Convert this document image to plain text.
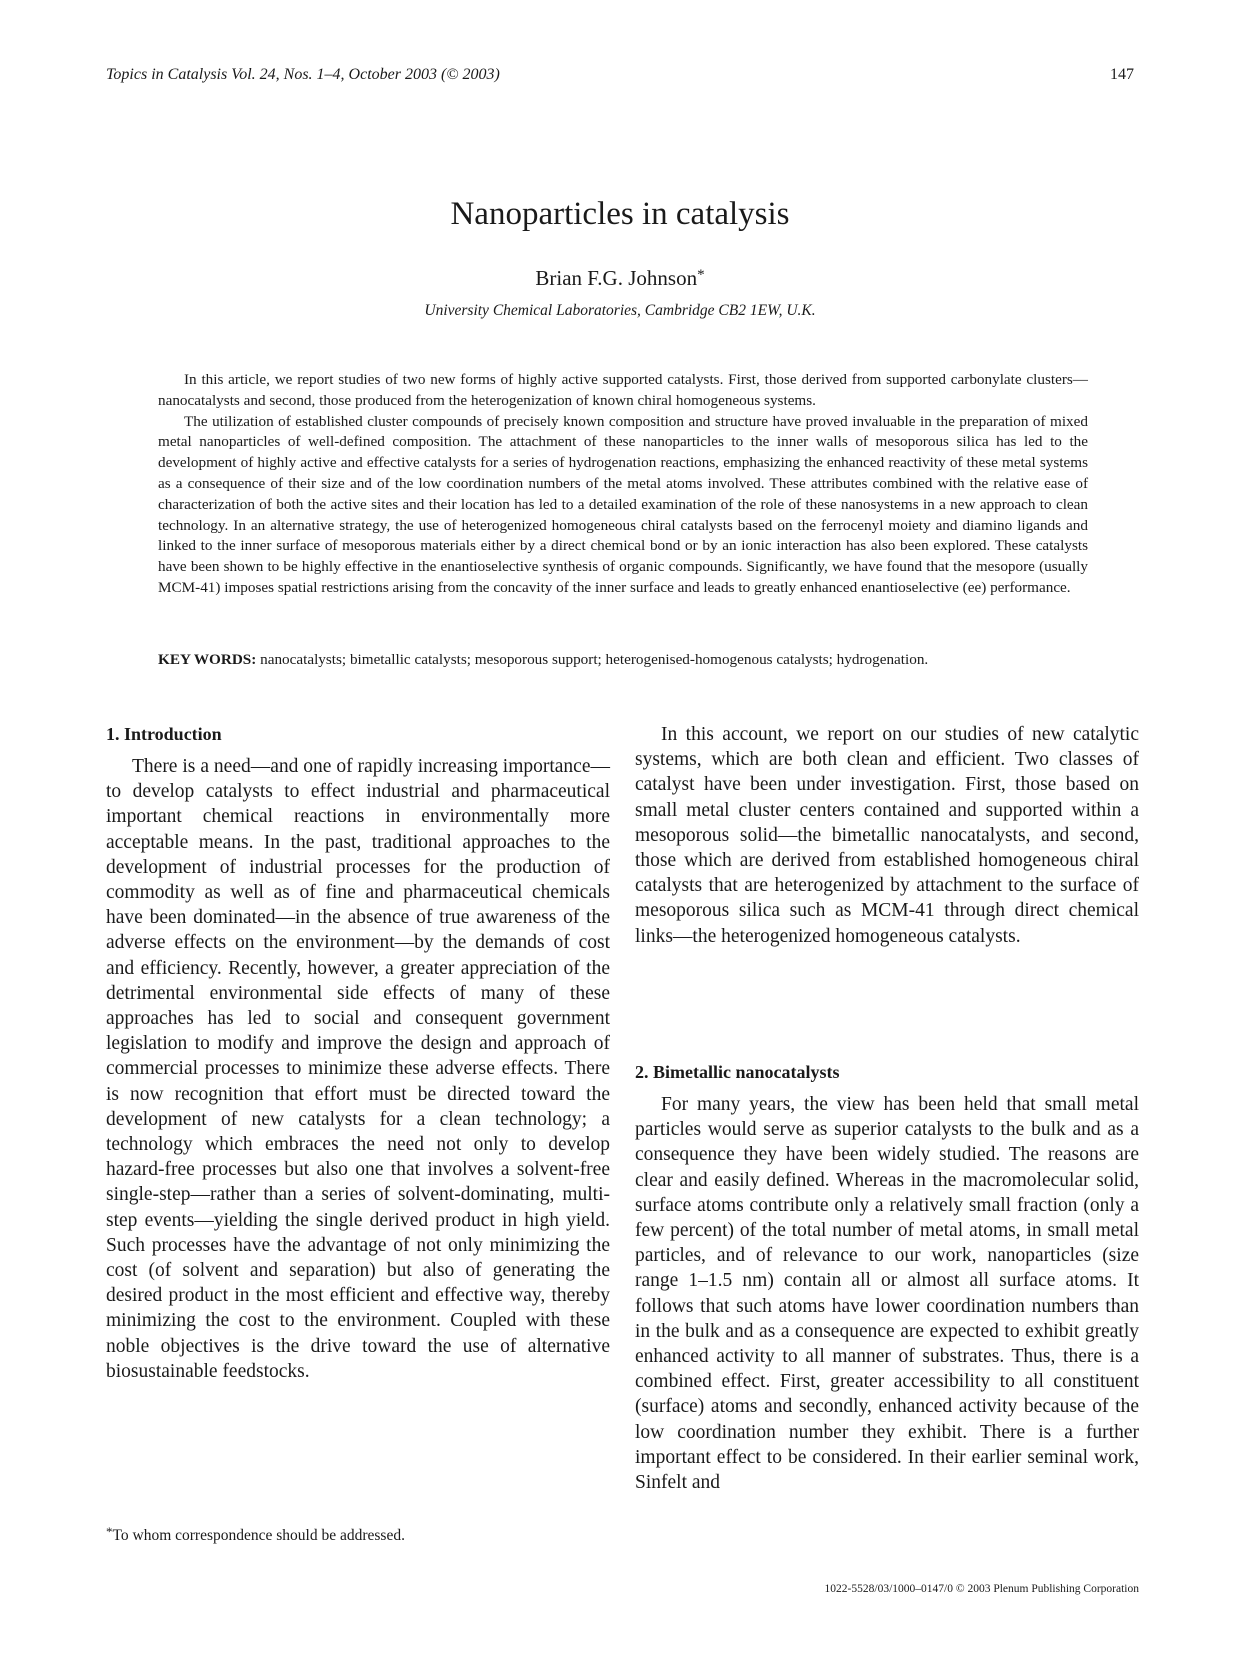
Topics in Catalysis Vol. 24, Nos. 1–4, October 2003 (© 2003)	147
Nanoparticles in catalysis
Brian F.G. Johnson*
University Chemical Laboratories, Cambridge CB2 1EW, U.K.

In this article, we report studies of two new forms of highly active supported catalysts. First, those derived from supported carbonylate clusters—nanocatalysts and second, those produced from the heterogenization of known chiral homogeneous systems.

The utilization of established cluster compounds of precisely known composition and structure have proved invaluable in the preparation of mixed metal nanoparticles of well-defined composition. The attachment of these nanoparticles to the inner walls of mesoporous silica has led to the development of highly active and effective catalysts for a series of hydrogenation reactions, emphasizing the enhanced reactivity of these metal systems as a consequence of their size and of the low coordination numbers of the metal atoms involved. These attributes combined with the relative ease of characterization of both the active sites and their location has led to a detailed examination of the role of these nanosystems in a new approach to clean technology. In an alternative strategy, the use of heterogenized homogeneous chiral catalysts based on the ferrocenyl moiety and diamino ligands and linked to the inner surface of mesoporous materials either by a direct chemical bond or by an ionic interaction has also been explored. These catalysts have been shown to be highly effective in the enantioselective synthesis of organic compounds. Significantly, we have found that the mesopore (usually MCM-41) imposes spatial restrictions arising from the concavity of the inner surface and leads to greatly enhanced enantioselective (ee) performance.

KEY WORDS: nanocatalysts; bimetallic catalysts; mesoporous support; heterogenised-homogenous catalysts; hydrogenation.
1. Introduction

There is a need—and one of rapidly increasing importance—to develop catalysts to effect industrial and pharmaceutical important chemical reactions in environmentally more acceptable means. In the past, traditional approaches to the development of industrial processes for the production of commodity as well as of fine and pharmaceutical chemicals have been dominated—in the absence of true awareness of the adverse effects on the environment—by the demands of cost and efficiency. Recently, however, a greater appreciation of the detrimental environmental side effects of many of these approaches has led to social and consequent government legislation to modify and improve the design and approach of commercial processes to minimize these adverse effects. There is now recognition that effort must be directed toward the development of new catalysts for a clean technology; a technology which embraces the need not only to develop hazard-free processes but also one that involves a solvent-free single-step—rather than a series of solvent-dominating, multi-step events—yielding the single derived product in high yield. Such processes have the advantage of not only minimizing the cost (of solvent and separation) but also of generating the desired product in the most efficient and effective way, thereby minimizing the cost to the environment. Coupled with these noble objectives is the drive toward the use of alternative biosustainable feedstocks.

In this account, we report on our studies of new catalytic systems, which are both clean and efficient. Two classes of catalyst have been under investigation. First, those based on small metal cluster centers contained and supported within a mesoporous solid—the bimetallic nanocatalysts, and second, those which are derived from established homogeneous chiral catalysts that are heterogenized by attachment to the surface of mesoporous silica such as MCM-41 through direct chemical links—the heterogenized homogeneous catalysts.

2. Bimetallic nanocatalysts

For many years, the view has been held that small metal particles would serve as superior catalysts to the bulk and as a consequence they have been widely studied. The reasons are clear and easily defined. Whereas in the macromolecular solid, surface atoms contribute only a relatively small fraction (only a few percent) of the total number of metal atoms, in small metal particles, and of relevance to our work, nanoparticles (size range 1–1.5 nm) contain all or almost all surface atoms. It follows that such atoms have lower coordination numbers than in the bulk and as a consequence are expected to exhibit greatly enhanced activity to all manner of substrates. Thus, there is a combined effect. First, greater accessibility to all constituent (surface) atoms and secondly, enhanced activity because of the low coordination number they exhibit. There is a further important effect to be considered. In their earlier seminal work, Sinfelt and

*To whom correspondence should be addressed.
1022-5528/03/1000–0147/0 © 2003 Plenum Publishing Corporation
